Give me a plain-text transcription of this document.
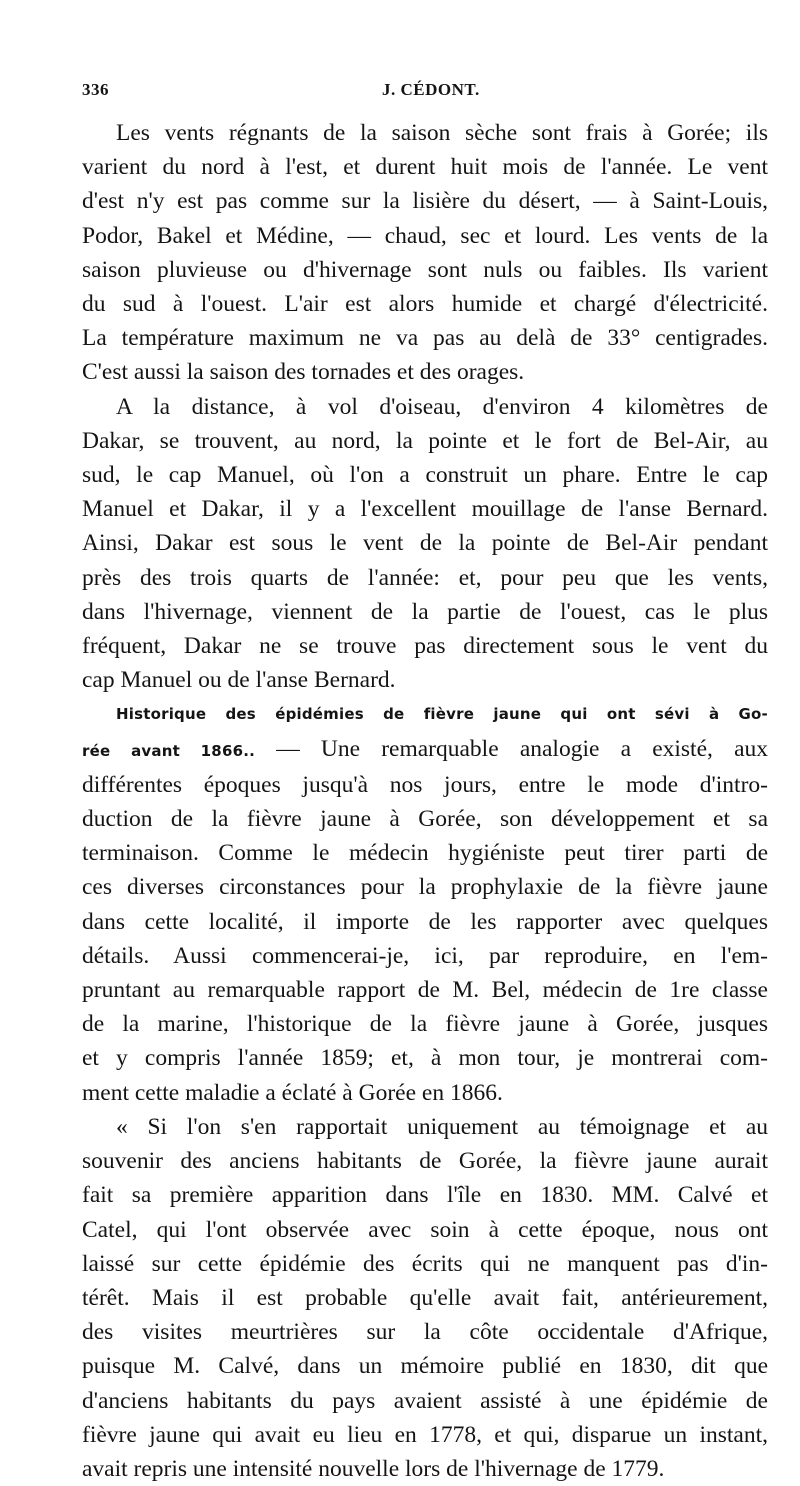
336	J. CÉDONT.
Les vents régnants de la saison sèche sont frais à Gorée; ils
varient du nord à l'est, et durent huit mois de l'année. Le vent
d'est n'y est pas comme sur la lisière du désert, — à Saint-Louis,
Podor, Bakel et Médine, — chaud, sec et lourd. Les vents de la
saison pluvieuse ou d'hivernage sont nuls ou faibles. Ils varient
du sud à l'ouest. L'air est alors humide et chargé d'électricité.
La température maximum ne va pas au delà de 33° centigrades.
C'est aussi la saison des tornades et des orages.
A la distance, à vol d'oiseau, d'environ 4 kilomètres de
Dakar, se trouvent, au nord, la pointe et le fort de Bel-Air, au
sud, le cap Manuel, où l'on a construit un phare. Entre le cap
Manuel et Dakar, il y a l'excellent mouillage de l'anse Bernard.
Ainsi, Dakar est sous le vent de la pointe de Bel-Air pendant
près des trois quarts de l'année: et, pour peu que les vents,
dans l'hivernage, viennent de la partie de l'ouest, cas le plus
fréquent, Dakar ne se trouve pas directement sous le vent du
cap Manuel ou de l'anse Bernard.
Historique des épidémies de fièvre jaune qui ont sévi à Go-
rée avant 1866.. — Une remarquable analogie a existé, aux
différentes époques jusqu'à nos jours, entre le mode d'intro-
duction de la fièvre jaune à Gorée, son développement et sa
terminaison. Comme le médecin hygiéniste peut tirer parti de
ces diverses circonstances pour la prophylaxie de la fièvre jaune
dans cette localité, il importe de les rapporter avec quelques
détails. Aussi commencerai-je, ici, par reproduire, en l'em-
pruntant au remarquable rapport de M. Bel, médecin de 1re classe
de la marine, l'historique de la fièvre jaune à Gorée, jusques
et y compris l'année 1859; et, à mon tour, je montrerai com-
ment cette maladie a éclaté à Gorée en 1866.
« Si l'on s'en rapportait uniquement au témoignage et au
souvenir des anciens habitants de Gorée, la fièvre jaune aurait
fait sa première apparition dans l'île en 1830. MM. Calvé et
Catel, qui l'ont observée avec soin à cette époque, nous ont
laissé sur cette épidémie des écrits qui ne manquent pas d'in-
térêt. Mais il est probable qu'elle avait fait, antérieurement,
des visites meurtrières sur la côte occidentale d'Afrique,
puisque M. Calvé, dans un mémoire publié en 1830, dit que
d'anciens habitants du pays avaient assisté à une épidémie de
fièvre jaune qui avait eu lieu en 1778, et qui, disparue un instant,
avait repris une intensité nouvelle lors de l'hivernage de 1779.
